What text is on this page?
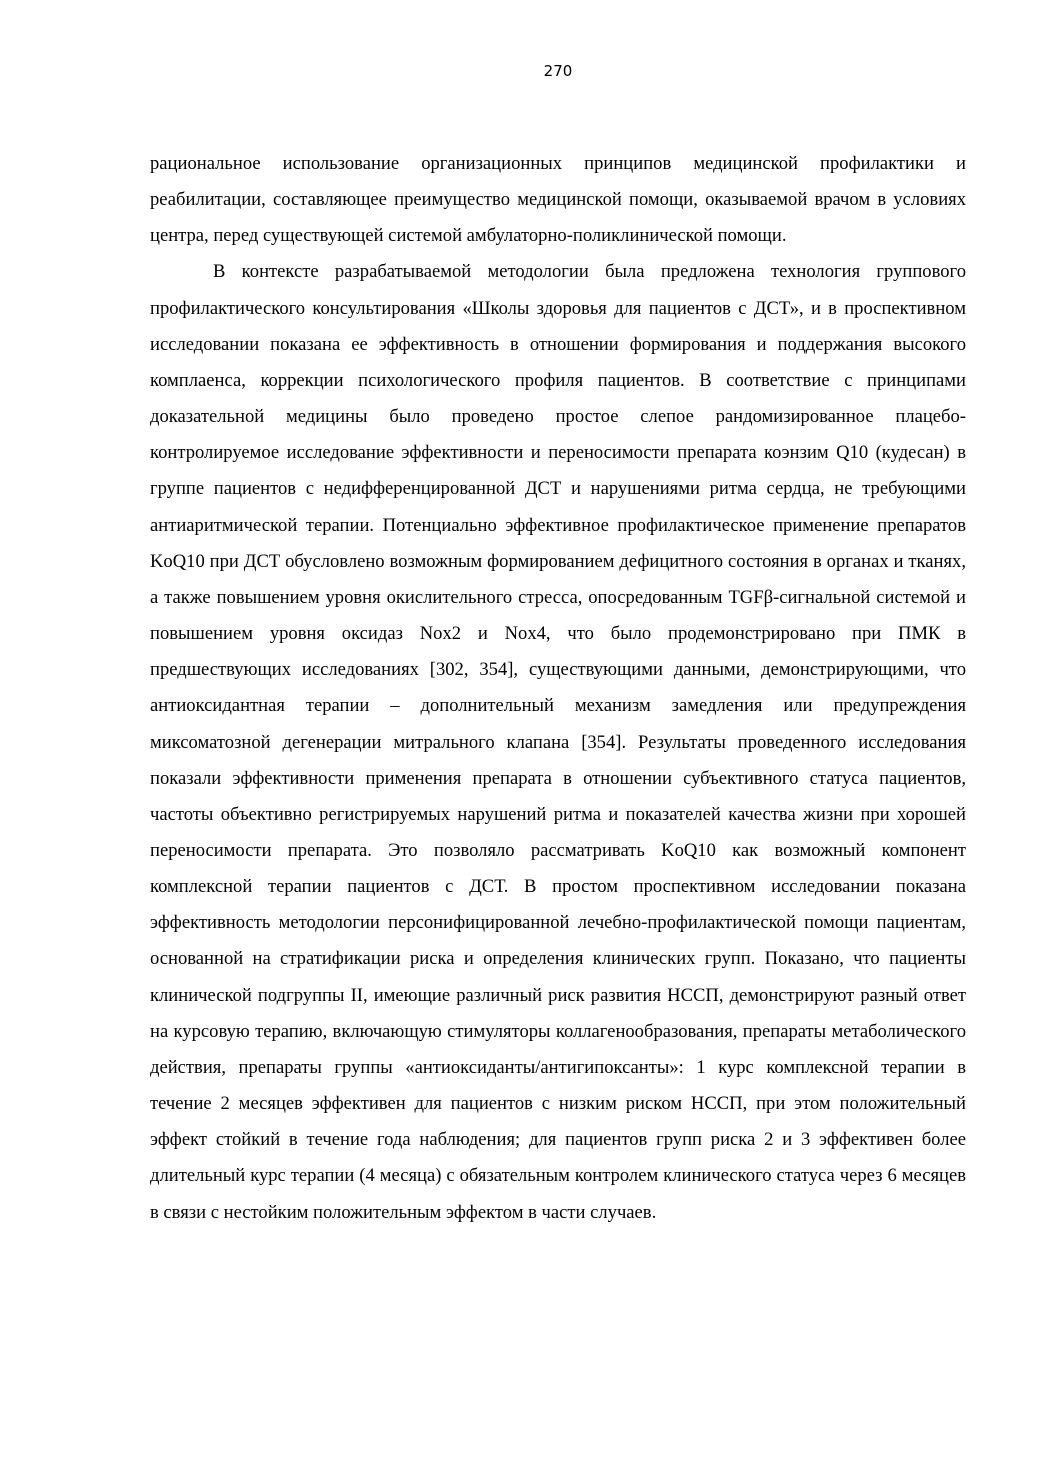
270

рациональное использование организационных принципов медицинской профилактики и реабилитации, составляющее преимущество медицинской помощи, оказываемой врачом в условиях центра, перед существующей системой амбулаторно-поликлинической помощи.

В контексте разрабатываемой методологии была предложена технология группового профилактического консультирования «Школы здоровья для пациентов с ДСТ», и в проспективном исследовании показана ее эффективность в отношении формирования и поддержания высокого комплаенса, коррекции психологического профиля пациентов. В соответствие с принципами доказательной медицины было проведено простое слепое рандомизированное плацебо-контролируемое исследование эффективности и переносимости препарата коэнзим Q10 (кудесан) в группе пациентов с недифференцированной ДСТ и нарушениями ритма сердца, не требующими антиаритмической терапии. Потенциально эффективное профилактическое применение препаратов KoQ10 при ДСТ обусловлено возможным формированием дефицитного состояния в органах и тканях, а также повышением уровня окислительного стресса, опосредованным TGFβ-сигнальной системой и повышением уровня оксидаз Nox2 и Nox4, что было продемонстрировано при ПМК в предшествующих исследованиях [302, 354], существующими данными, демонстрирующими, что антиоксидантная терапии – дополнительный механизм замедления или предупреждения миксоматозной дегенерации митрального клапана [354]. Результаты проведенного исследования показали эффективности применения препарата в отношении субъективного статуса пациентов, частоты объективно регистрируемых нарушений ритма и показателей качества жизни при хорошей переносимости препарата. Это позволяло рассматривать KoQ10 как возможный компонент комплексной терапии пациентов с ДСТ. В простом проспективном исследовании показана эффективность методологии персонифицированной лечебно-профилактической помощи пациентам, основанной на стратификации риска и определения клинических групп. Показано, что пациенты клинической подгруппы II, имеющие различный риск развития НССП, демонстрируют разный ответ на курсовую терапию, включающую стимуляторы коллагенообразования, препараты метаболического действия, препараты группы «антиоксиданты/антигипоксанты»: 1 курс комплексной терапии в течение 2 месяцев эффективен для пациентов с низким риском НССП, при этом положительный эффект стойкий в течение года наблюдения; для пациентов групп риска 2 и 3 эффективен более длительный курс терапии (4 месяца) с обязательным контролем клинического статуса через 6 месяцев в связи с нестойким положительным эффектом в части случаев.
